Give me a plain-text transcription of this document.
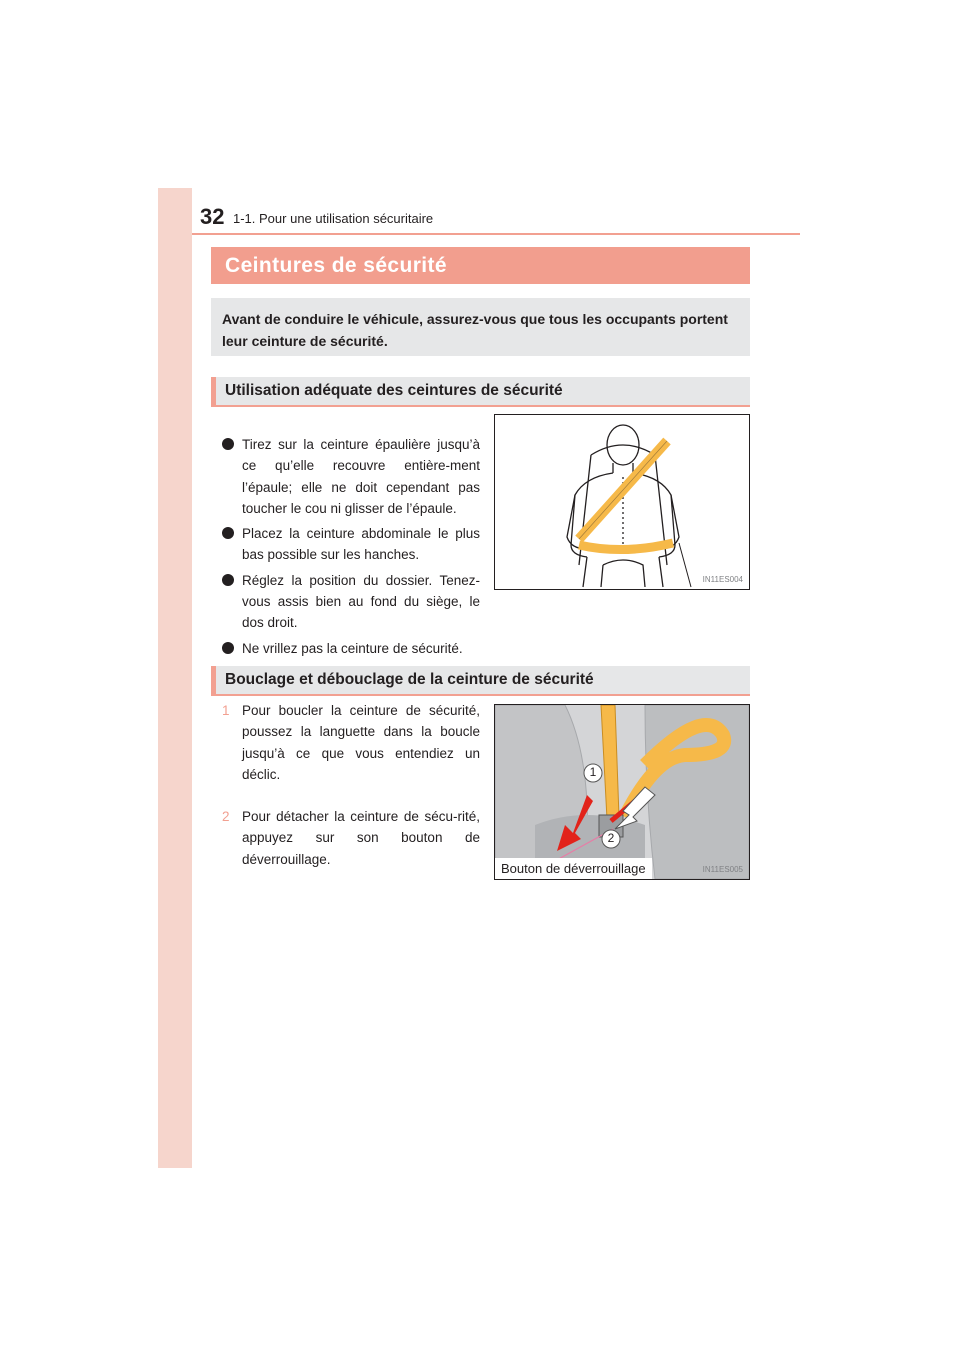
32 1-1. Pour une utilisation sécuritaire
Ceintures de sécurité
Avant de conduire le véhicule, assurez-vous que tous les occupants portent leur ceinture de sécurité.
Utilisation adéquate des ceintures de sécurité
Tirez sur la ceinture épaulière jusqu’à ce qu’elle recouvre entière-ment l’épaule; elle ne doit cependant pas toucher le cou ni glisser de l’épaule.
Placez la ceinture abdominale le plus bas possible sur les hanches.
Réglez la position du dossier. Tenez-vous assis bien au fond du siège, le dos droit.
Ne vrillez pas la ceinture de sécurité.
IN11ES004
Bouclage et débouclage de la ceinture de sécurité
1 Pour boucler la ceinture de sécurité, poussez la languette dans la boucle jusqu’à ce que vous entendiez un déclic.
2 Pour détacher la ceinture de sécu-rité, appuyez sur son bouton de déverrouillage.
1
2
Bouton de déverrouillage	IN11ES005
